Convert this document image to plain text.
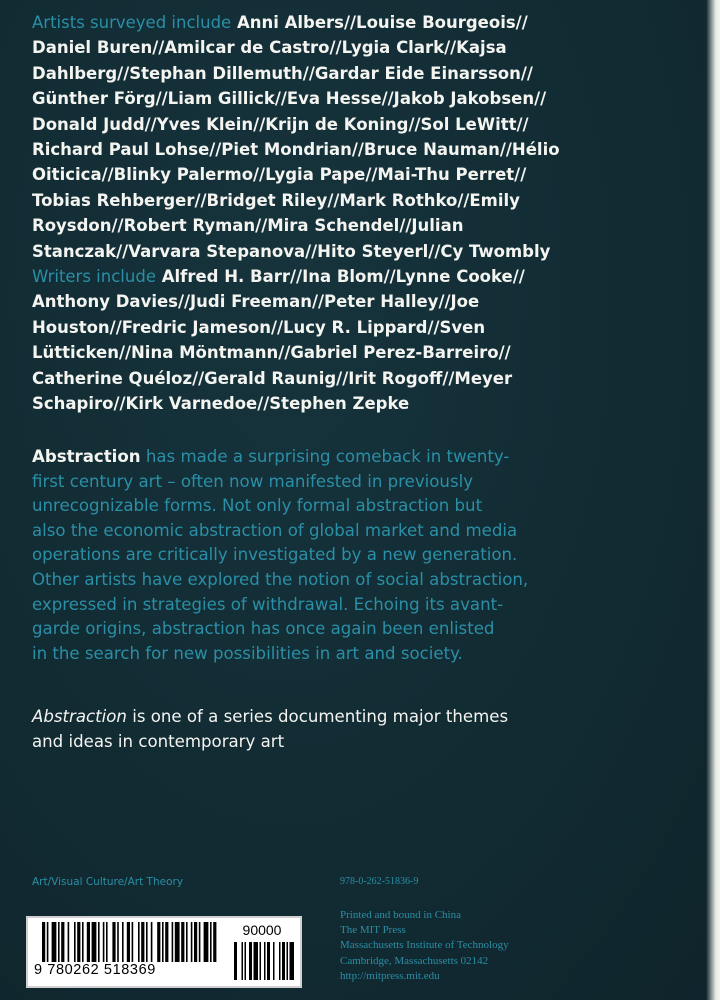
Artists surveyed include Anni Albers//Louise Bourgeois//
Daniel Buren//Amilcar de Castro//Lygia Clark//Kajsa
Dahlberg//Stephan Dillemuth//Gardar Eide Einarsson//
Günther Förg//Liam Gillick//Eva Hesse//Jakob Jakobsen//
Donald Judd//Yves Klein//Krijn de Koning//Sol LeWitt//
Richard Paul Lohse//Piet Mondrian//Bruce Nauman//Hélio
Oiticica//Blinky Palermo//Lygia Pape//Mai-Thu Perret//
Tobias Rehberger//Bridget Riley//Mark Rothko//Emily
Roysdon//Robert Ryman//Mira Schendel//Julian
Stanczak//Varvara Stepanova//Hito Steyerl//Cy Twombly
Writers include Alfred H. Barr//Ina Blom//Lynne Cooke//
Anthony Davies//Judi Freeman//Peter Halley//Joe
Houston//Fredric Jameson//Lucy R. Lippard//Sven
Lütticken//Nina Möntmann//Gabriel Perez-Barreiro//
Catherine Quéloz//Gerald Raunig//Irit Rogoff//Meyer
Schapiro//Kirk Varnedoe//Stephen Zepke
Abstraction has made a surprising comeback in twenty-
first century art – often now manifested in previously
unrecognizable forms. Not only formal abstraction but
also the economic abstraction of global market and media
operations are critically investigated by a new generation.
Other artists have explored the notion of social abstraction,
expressed in strategies of withdrawal. Echoing its avant-
garde origins, abstraction has once again been enlisted
in the search for new possibilities in art and society.
Abstraction is one of a series documenting major themes
and ideas in contemporary art
Art/Visual Culture/Art Theory	978-0-262-51836-9
Printed and bound in China
The MIT Press
Massachusetts Institute of Technology
Cambridge, Massachusetts 02142
http://mitpress.mit.edu
90000
9 780262 518369
